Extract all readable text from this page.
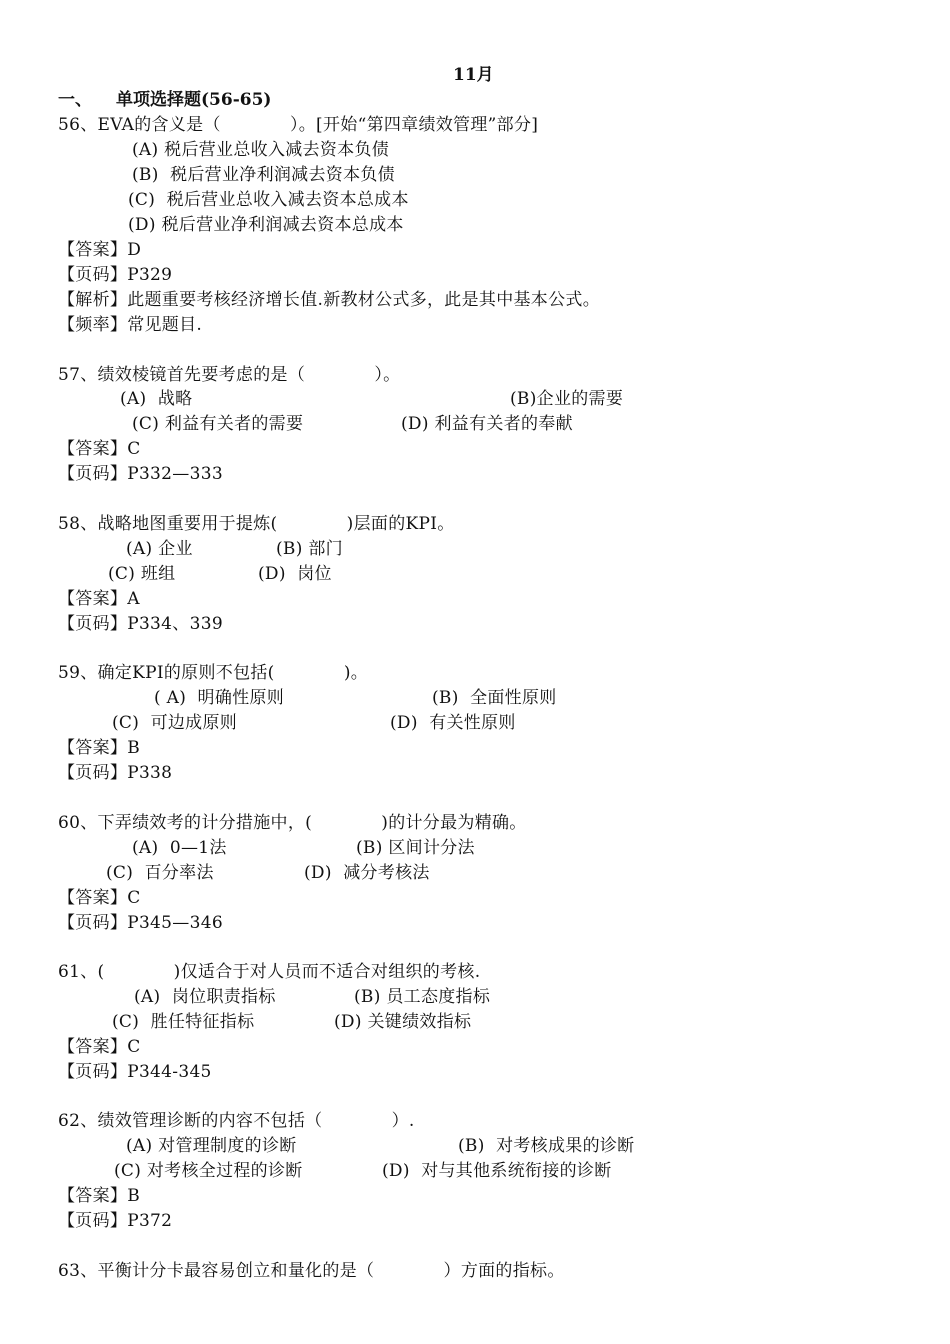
11月
一、 单项选择题(56-65)
56、EVA的含义是（　　　　）。[开始“第四章绩效管理”部分]
(A) 税后营业总收入减去资本负债
(B)  税后营业净利润减去资本负债
(C)  税后营业总收入减去资本总成本
(D) 税后营业净利润减去资本总成本
【答案】D
【页码】P329
【解析】此题重要考核经济增长值.新教材公式多，此是其中基本公式。
【频率】常见题目.
57、绩效棱镜首先要考虑的是（　　　　）。
(A)  战略	(B)企业的需要
(C) 利益有关者的需要	(D) 利益有关者的奉献
【答案】C
【页码】P332—333
58、战略地图重要用于提炼(　　　　)层面的KPI。
(A) 企业	(B) 部门
(C) 班组	(D)  岗位
【答案】A
【页码】P334、339
59、确定KPI的原则不包括(　　　　)。
( A)  明确性原则	(B)  全面性原则
(C)  可边成原则	(D)  有关性原则
【答案】B
【页码】P338
60、下弄绩效考的计分措施中，(　　　　)的计分最为精确。
(A)  0—1法	(B) 区间计分法
(C)  百分率法	(D)  减分考核法
【答案】C
【页码】P345—346
61、(　　　　)仅适合于对人员而不适合对组织的考核.
(A)  岗位职责指标	(B) 员工态度指标
(C)  胜任特征指标	(D) 关键绩效指标
【答案】C
【页码】P344-345
62、绩效管理诊断的内容不包括（　　　　）.
(A) 对管理制度的诊断	(B)  对考核成果的诊断
(C) 对考核全过程的诊断	(D)  对与其他系统衔接的诊断
【答案】B
【页码】P372
63、平衡计分卡最容易创立和量化的是（　　　　）方面的指标。
